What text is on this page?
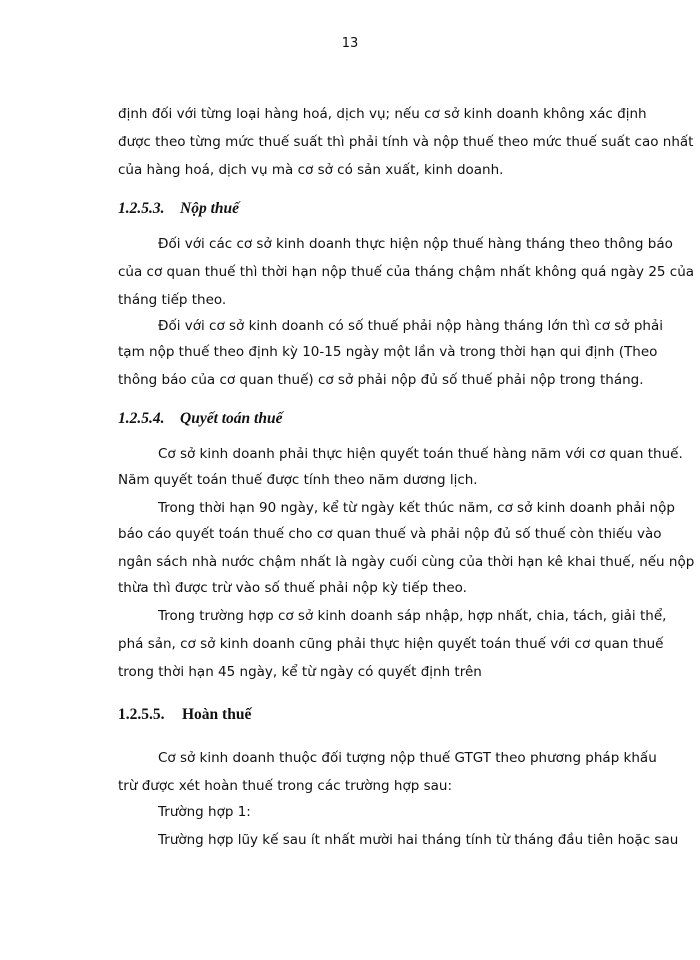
13
định đối với từng loại hàng hoá, dịch vụ; nếu cơ sở kinh doanh không xác định
được theo từng mức thuế suất thì phải tính và nộp thuế theo mức thuế suất cao nhất
của hàng hoá, dịch vụ mà cơ sở có sản xuất, kinh doanh.
1.2.5.3. Nộp thuế
Đối với các cơ sở kinh doanh thực hiện nộp thuế hàng tháng theo thông báo
của cơ quan thuế thì thời hạn nộp thuế của tháng chậm nhất không quá ngày 25 của
tháng tiếp theo.
Đối với cơ sở kinh doanh có số thuế phải nộp hàng tháng lớn thì cơ sở phải
tạm nộp thuế theo định kỳ 10-15 ngày một lần và trong thời hạn qui định (Theo
thông báo của cơ quan thuế) cơ sở phải nộp đủ số thuế phải nộp trong tháng.
1.2.5.4. Quyết toán thuế
Cơ sở kinh doanh phải thực hiện quyết toán thuế hàng năm với cơ quan thuế.
Năm quyết toán thuế được tính theo năm dương lịch.
Trong thời hạn 90 ngày, kể từ ngày kết thúc năm, cơ sở kinh doanh phải nộp
báo cáo quyết toán thuế cho cơ quan thuế và phải nộp đủ số thuế còn thiếu vào
ngân sách nhà nước chậm nhất là ngày cuối cùng của thời hạn kê khai thuế, nếu nộp
thừa thì được trừ vào số thuế phải nộp kỳ tiếp theo.
Trong trường hợp cơ sở kinh doanh sáp nhập, hợp nhất, chia, tách, giải thể,
phá sản, cơ sở kinh doanh cũng phải thực hiện quyết toán thuế với cơ quan thuế
trong thời hạn 45 ngày, kể từ ngày có quyết định trên
1.2.5.5. Hoàn thuế
Cơ sở kinh doanh thuộc đối tượng nộp thuế GTGT theo phương pháp khấu
trừ được xét hoàn thuế trong các trường hợp sau:
Trường hợp 1:
Trường hợp lũy kế sau ít nhất mười hai tháng tính từ tháng đầu tiên hoặc sau
